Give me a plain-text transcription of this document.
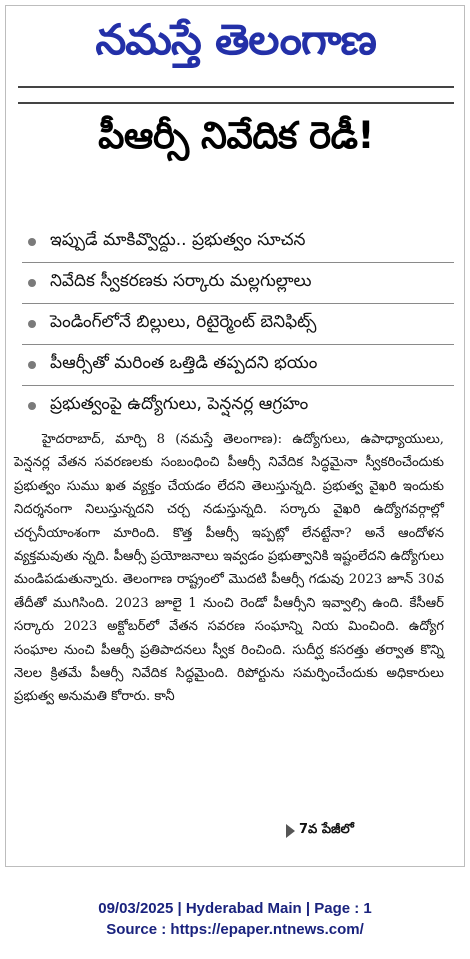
నమస్తే తెలంగాణ
పీఆర్సీ నివేదిక రెడీ!
ఇప్పుడే మాకివ్వొద్దు.. ప్రభుత్వం సూచన
నివేదిక స్వీకరణకు సర్కారు మల్లగుల్లాలు
పెండింగ్‌లోనే బిల్లులు, రిటైర్మెంట్ బెనిఫిట్స్
పీఆర్సీతో మరింత ఒత్తిడి తప్పదని భయం
ప్రభుత్వంపై ఉద్యోగులు, పెన్షనర్ల ఆగ్రహం

హైదరాబాద్, మార్చి 8 (నమస్తే తెలంగాణ): ఉద్యోగులు, ఉపాధ్యాయులు, పెన్షనర్ల వేతన సవరణలకు సంబంధించి పీఆర్సీ నివేదిక సిద్ధమైనా స్వీకరించేందుకు ప్రభుత్వం సుము ఖత వ్యక్తం చేయడం లేదని తెలుస్తున్నది. ప్రభుత్వ వైఖరి ఇందుకు నిదర్శనంగా నిలుస్తున్నదని చర్చ నడుస్తున్నది. సర్కారు వైఖరి ఉద్యోగవర్గాల్లో చర్చనీయాంశంగా మారింది. కొత్త పీఆర్సీ ఇప్పట్లో లేనట్టేనా? అనే ఆందోళన వ్యక్తమవుతు న్నది. పీఆర్సీ ప్రయోజనాలు ఇవ్వడం ప్రభుత్వానికి ఇష్టంలేదని ఉద్యోగులు మండిపడుతున్నారు. తెలంగాణ రాష్ట్రంలో మొదటి పీఆర్సీ గడువు 2023 జూన్ 30వ తేదీతో ముగిసింది. 2023 జూలై 1 నుంచి రెండో పీఆర్సీని ఇవ్వాల్సి ఉంది. కేసీఆర్ సర్కారు 2023 అక్టోబర్‌లో వేతన సవరణ సంఘాన్ని నియ మించింది. ఉద్యోగ సంఘాల నుంచి పీఆర్సీ ప్రతిపాదనలు స్వీక రించింది. సుదీర్ఘ కసరత్తు తర్వాత కొన్ని నెలల క్రితమే పీఆర్సీ నివేదిక సిద్ధమైంది. రిపోర్టును సమర్పించేందుకు అధికారులు ప్రభుత్వ అనుమతి కోరారు. కానీ

7వ పేజీలో
09/03/2025 | Hyderabad Main | Page : 1
Source : https://epaper.ntnews.com/
